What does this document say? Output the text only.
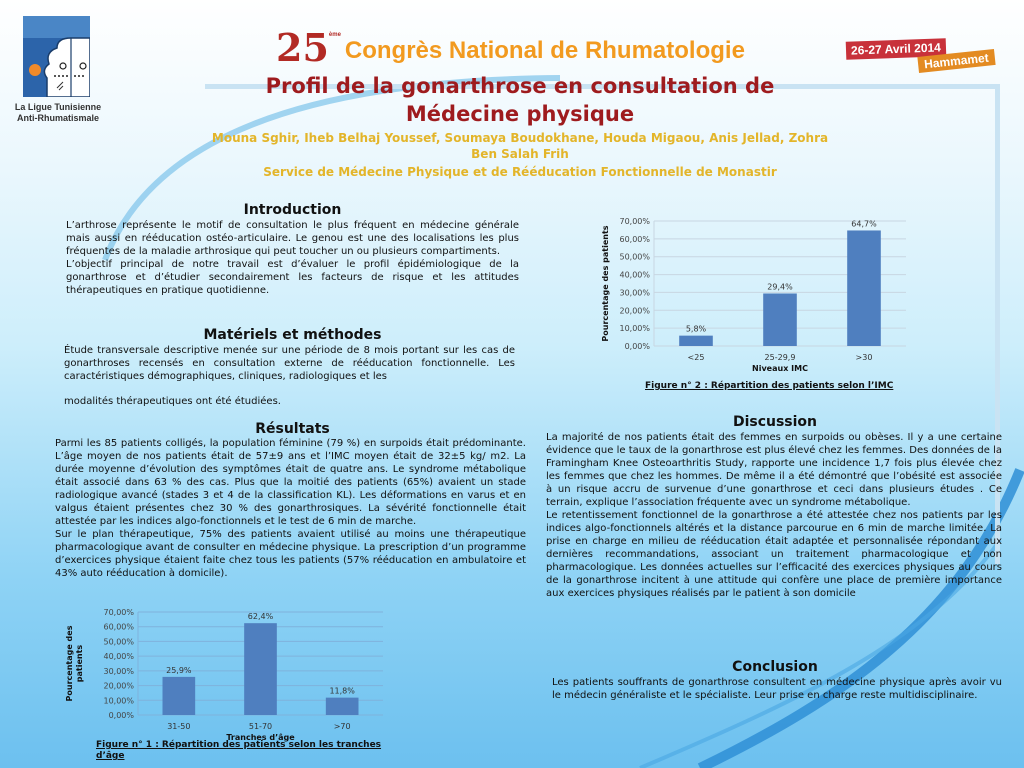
La Ligue Tunisienne
Anti-Rhumatismale
25 ème
Congrès National de Rhumatologie	26-27 Avril 2014
Hammamet
Profil de la gonarthrose en consultation de
Médecine physique
Mouna Sghir, Iheb Belhaj Youssef, Soumaya Boudokhane, Houda Migaou, Anis Jellad, Zohra
Ben Salah Frih
Service de Médecine Physique et de Rééducation Fonctionnelle de Monastir
Introduction

L’arthrose représente le motif de consultation le plus fréquent en médecine générale mais aussi en rééducation ostéo-articulaire. Le genou est une des localisations les plus fréquentes de la maladie arthrosique qui peut toucher un ou plusieurs compartiments.

L’objectif principal de notre travail est d’évaluer le profil épidémiologique de la gonarthrose et d’étudier secondairement les facteurs de risque et les attitudes thérapeutiques en pratique quotidienne.

Matériels et méthodes

Étude transversale descriptive menée sur une période de 8 mois portant sur les cas de gonarthroses recensés en consultation externe de rééducation fonctionnelle. Les caractéristiques démographiques, cliniques, radiologiques et les

modalités thérapeutiques ont été étudiées.

Résultats

Parmi les 85 patients colligés, la population féminine (79 %) en surpoids était prédominante. L’âge moyen de nos patients était de 57±9 ans et l’IMC moyen était de 32±5 kg/ m2. La durée moyenne d’évolution des symptômes était de quatre ans. Le syndrome métabolique était associé dans 63 % des cas. Plus que la moitié des patients (65%) avaient un stade radiologique avancé (stades 3 et 4 de la classification KL). Les déformations en varus et en valgus étaient présentes chez 30 % des gonarthrosiques. La sévérité fonctionnelle était attestée par les indices algo-fonctionnels et le test de 6 min de marche.

Sur le plan thérapeutique, 75% des patients avaient utilisé au moins une thérapeutique pharmacologique avant de consulter en médecine physique. La prescription d’un programme d’exercices physique étaient faite chez tous les patients (57% rééducation en ambulatoire et 43% auto rééducation à domicile).

0,00%
10,00%
20,00%
30,00%
40,00%
50,00%
60,00%
70,00%
25,9%
31-50
62,4%
51-70
11,8%
>70
Tranches d’âge
Pourcentage des patients
Figure n° 1 : Répartition des patients selon les tranches
d’âge
0,00%
10,00%
20,00%
30,00%
40,00%
50,00%
60,00%
70,00%
5,8%
<25
29,4%
25-29,9
64,7%
>30
Niveaux IMC
Pourcentage des patients
Figure n° 2 : Répartition des patients selon l’IMC
Discussion

La majorité de nos patients était des femmes en surpoids ou obèses. Il y a une certaine évidence que le taux de la gonarthrose est plus élevé chez les femmes. Des données de la Framingham Knee Osteoarthritis Study, rapporte une incidence 1,7 fois plus élevée chez les femmes que chez les hommes. De même il a été démontré que l’obésité est associée à un risque accru de survenue d’une gonarthrose et ceci dans plusieurs études . Ce terrain, explique l’association fréquente avec un syndrome métabolique.

Le retentissement fonctionnel de la gonarthrose a été attestée chez nos patients par les indices algo-fonctionnels altérés et la distance parcourue en 6 min de marche limitée. La prise en charge en milieu de rééducation était adaptée et personnalisée répondant aux dernières recommandations, associant un traitement pharmacologique et non pharmacologique. Les données actuelles sur l’efficacité des exercices physiques au cours de la gonarthrose incitent à une attitude qui confère une place de première importance aux exercices physiques réalisés par le patient à son domicile

Conclusion

Les patients souffrants de gonarthrose consultent en médecine physique après avoir vu le médecin généraliste et le spécialiste. Leur prise en charge reste multidisciplinaire.
